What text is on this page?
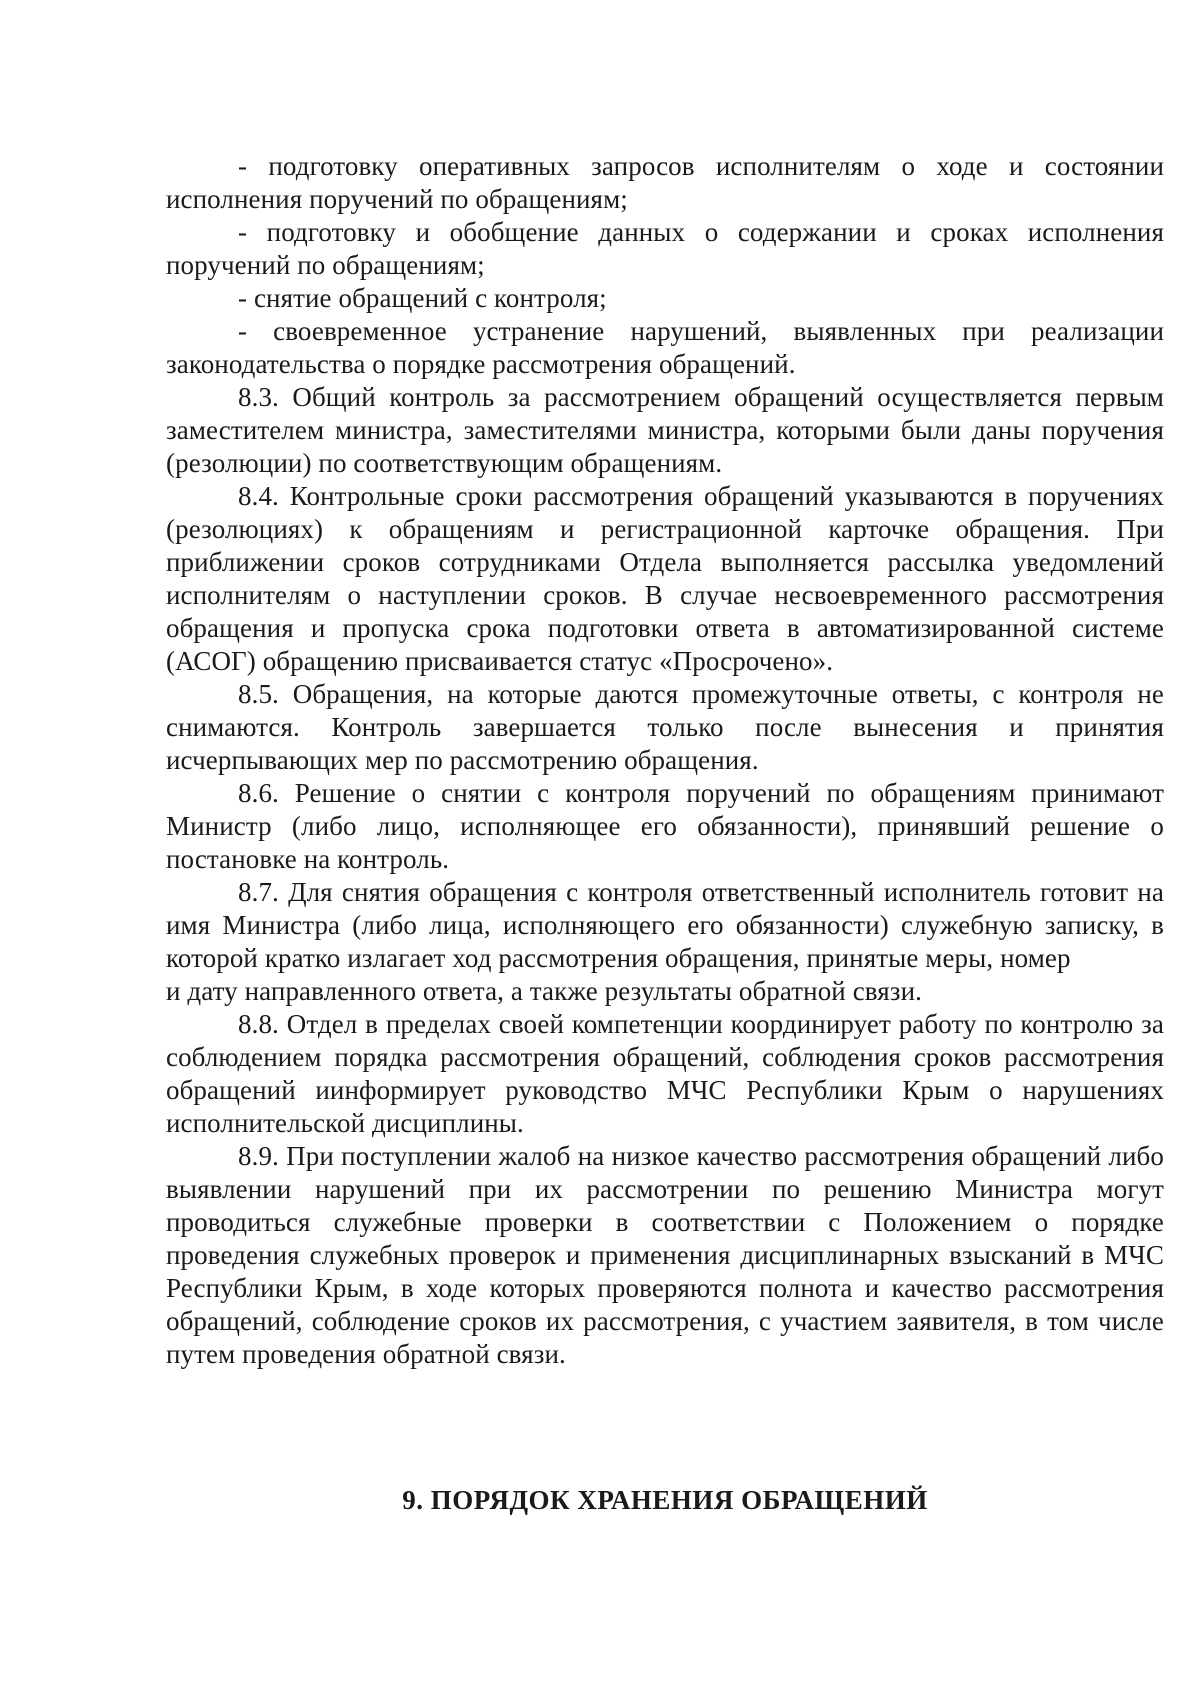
- подготовку оперативных запросов исполнителям о ходе и состоянии исполнения поручений по обращениям;

- подготовку и обобщение данных о содержании и сроках исполнения поручений по обращениям;

- снятие обращений с контроля;

- своевременное устранение нарушений, выявленных при реализации законодательства о порядке рассмотрения обращений.

8.3. Общий контроль за рассмотрением обращений осуществляется первым заместителем министра, заместителями министра, которыми были даны поручения (резолюции) по соответствующим обращениям.

8.4. Контрольные сроки рассмотрения обращений указываются в поручениях (резолюциях) к обращениям и регистрационной карточке обращения. При приближении сроков сотрудниками Отдела выполняется рассылка уведомлений исполнителям о наступлении сроков. В случае несвоевременного рассмотрения обращения и пропуска срока подготовки ответа в автоматизированной системе (АСОГ) обращению присваивается статус «Просрочено».

8.5. Обращения, на которые даются промежуточные ответы, с контроля не снимаются. Контроль завершается только после вынесения и принятия исчерпывающих мер по рассмотрению обращения.

8.6. Решение о снятии с контроля поручений по обращениям принимают Министр (либо лицо, исполняющее его обязанности), принявший решение о постановке на контроль.

8.7. Для снятия обращения с контроля ответственный исполнитель готовит на имя Министра (либо лица, исполняющего его обязанности) служебную записку, в которой кратко излагает ход рассмотрения обращения, принятые меры, номер

и дату направленного ответа, а также результаты обратной связи.

8.8. Отдел в пределах своей компетенции координирует работу по контролю за соблюдением порядка рассмотрения обращений, соблюдения сроков рассмотрения обращений иинформирует руководство МЧС Республики Крым о нарушениях исполнительской дисциплины.

8.9. При поступлении жалоб на низкое качество рассмотрения обращений либо выявлении нарушений при их рассмотрении по решению Министра могут проводиться служебные проверки в соответствии с Положением о порядке проведения служебных проверок и применения дисциплинарных взысканий в МЧС Республики Крым, в ходе которых проверяются полнота и качество рассмотрения обращений, соблюдение сроков их рассмотрения, с участием заявителя, в том числе путем проведения обратной связи.

9. ПОРЯДОК ХРАНЕНИЯ ОБРАЩЕНИЙ
